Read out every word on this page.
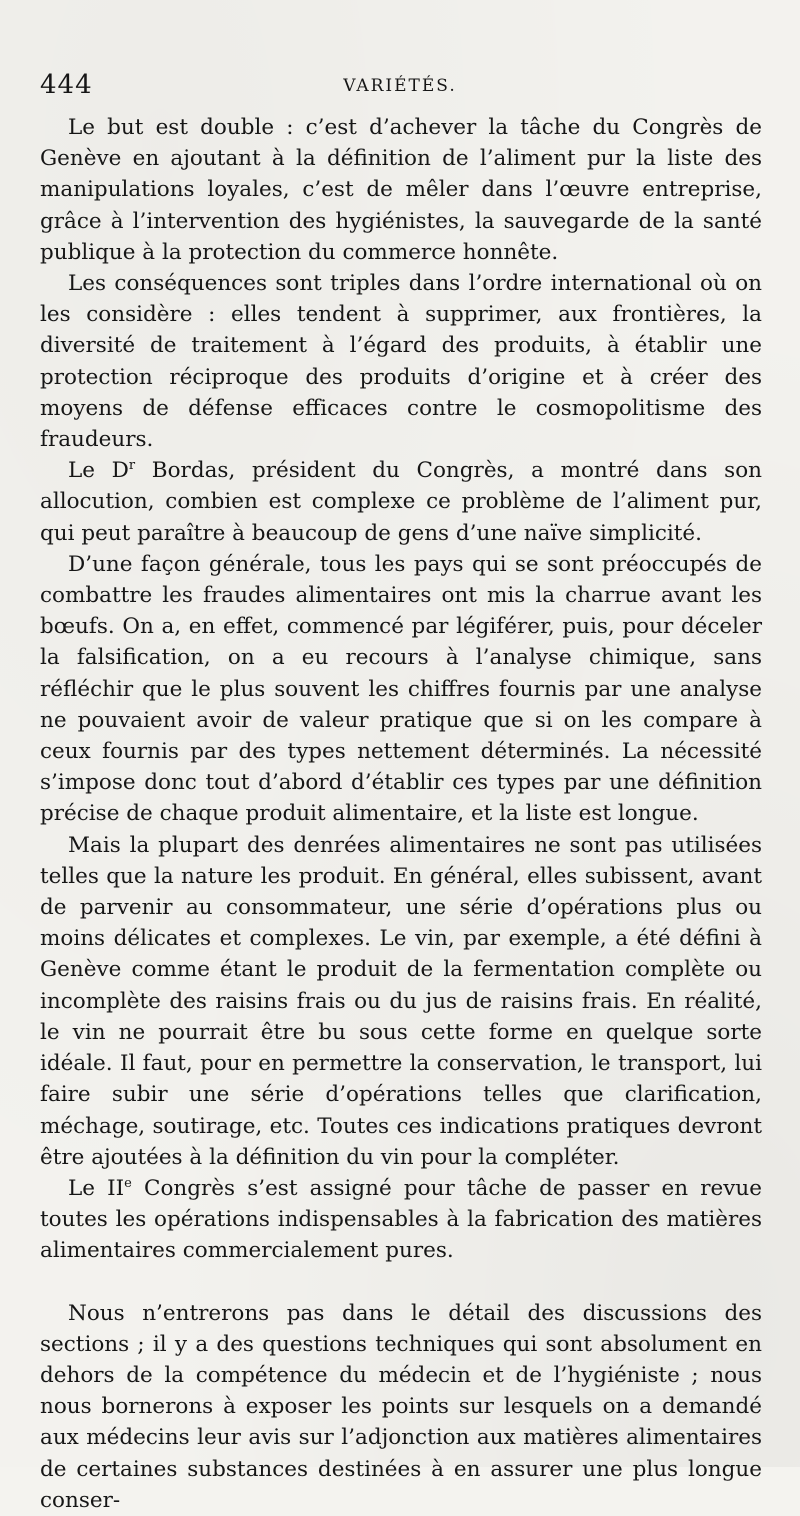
444	VARIÉTÉS.

Le but est double : c’est d’achever la tâche du Congrès de Genève en ajoutant à la définition de l’aliment pur la liste des manipulations loyales, c’est de mêler dans l’œuvre entreprise, grâce à l’intervention des hygiénistes, la sauvegarde de la santé publique à la protection du commerce honnête.

Les conséquences sont triples dans l’ordre international où on les considère : elles tendent à supprimer, aux frontières, la diversité de traitement à l’égard des produits, à établir une protection réciproque des produits d’origine et à créer des moyens de défense efficaces contre le cosmopolitisme des fraudeurs.

Le $D^r$ Bordas, président du Congrès, a montré dans son allocution, combien est complexe ce problème de l’aliment pur, qui peut paraître à beaucoup de gens d’une naïve simplicité.

D’une façon générale, tous les pays qui se sont préoccupés de combattre les fraudes alimentaires ont mis la charrue avant les bœufs. On a, en effet, commencé par légiférer, puis, pour déceler la falsification, on a eu recours à l’analyse chimique, sans réfléchir que le plus souvent les chiffres fournis par une analyse ne pouvaient avoir de valeur pratique que si on les compare à ceux fournis par des types nettement déterminés. La nécessité s’impose donc tout d’abord d’établir ces types par une définition précise de chaque produit alimentaire, et la liste est longue.

Mais la plupart des denrées alimentaires ne sont pas utilisées telles que la nature les produit. En général, elles subissent, avant de parvenir au consommateur, une série d’opérations plus ou moins délicates et complexes. Le vin, par exemple, a été défini à Genève comme étant le produit de la fermentation complète ou incomplète des raisins frais ou du jus de raisins frais. En réalité, le vin ne pourrait être bu sous cette forme en quelque sorte idéale. Il faut, pour en permettre la conservation, le transport, lui faire subir une série d’opérations telles que clarification, méchage, soutirage, etc. Toutes ces indications pratiques devront être ajoutées à la définition du vin pour la compléter.

Le IIe Congrès s’est assigné pour tâche de passer en revue toutes les opérations indispensables à la fabrication des matières alimentaires commercialement pures.

Nous n’entrerons pas dans le détail des discussions des sections ; il y a des questions techniques qui sont absolument en dehors de la compétence du médecin et de l’hygiéniste ; nous nous bornerons à exposer les points sur lesquels on a demandé aux médecins leur avis sur l’adjonction aux matières alimentaires de certaines substances destinées à en assurer une plus longue conser-
